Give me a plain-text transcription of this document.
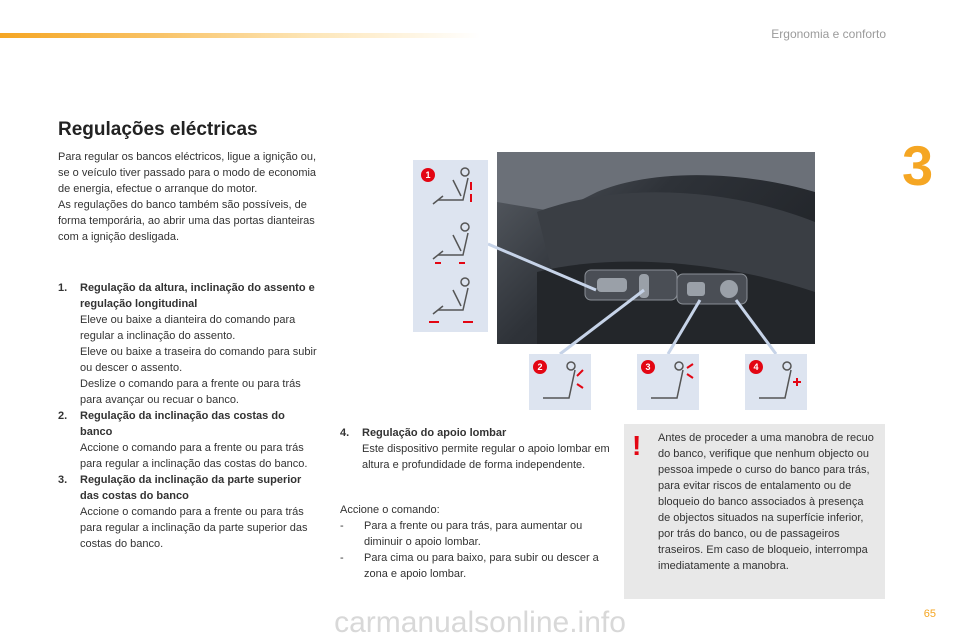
Ergonomia e conforto
3
Regulações eléctricas

Para regular os bancos eléctricos, ligue a ignição ou, se o veículo tiver passado para o modo de economia de energia, efectue o arranque do motor.

As regulações do banco também são possíveis, de forma temporária, ao abrir uma das portas dianteiras com a ignição desligada.

1. Regulação da altura, inclinação do assento e regulação longitudinal

Eleve ou baixe a dianteira do comando para regular a inclinação do assento.

Eleve ou baixe a traseira do comando para subir ou descer o assento.

Deslize o comando para a frente ou para trás para avançar ou recuar o banco.

2. Regulação da inclinação das costas do banco

Accione o comando para a frente ou para trás para regular a inclinação das costas do banco.

3. Regulação da inclinação da parte superior das costas do banco

Accione o comando para a frente ou para trás para regular a inclinação da parte superior das costas do banco.

4. Regulação do apoio lombar

Este dispositivo permite regular o apoio lombar em altura e profundidade de forma independente.

Accione o comando:

- Para a frente ou para trás, para aumentar ou diminuir o apoio lombar.
- Para cima ou para baixo, para subir ou descer a zona e apoio lombar.
! Antes de proceder a uma manobra de recuo do banco, verifique que nenhum objecto ou pessoa impede o curso do banco para trás, para evitar riscos de entalamento ou de bloqueio do banco associados à presença de objectos situados na superfície inferior, por trás do banco, ou de passageiros traseiros. Em caso de bloqueio, interrompa imediatamente a manobra.
1
2	3	4
65
carmanualsonline.info
